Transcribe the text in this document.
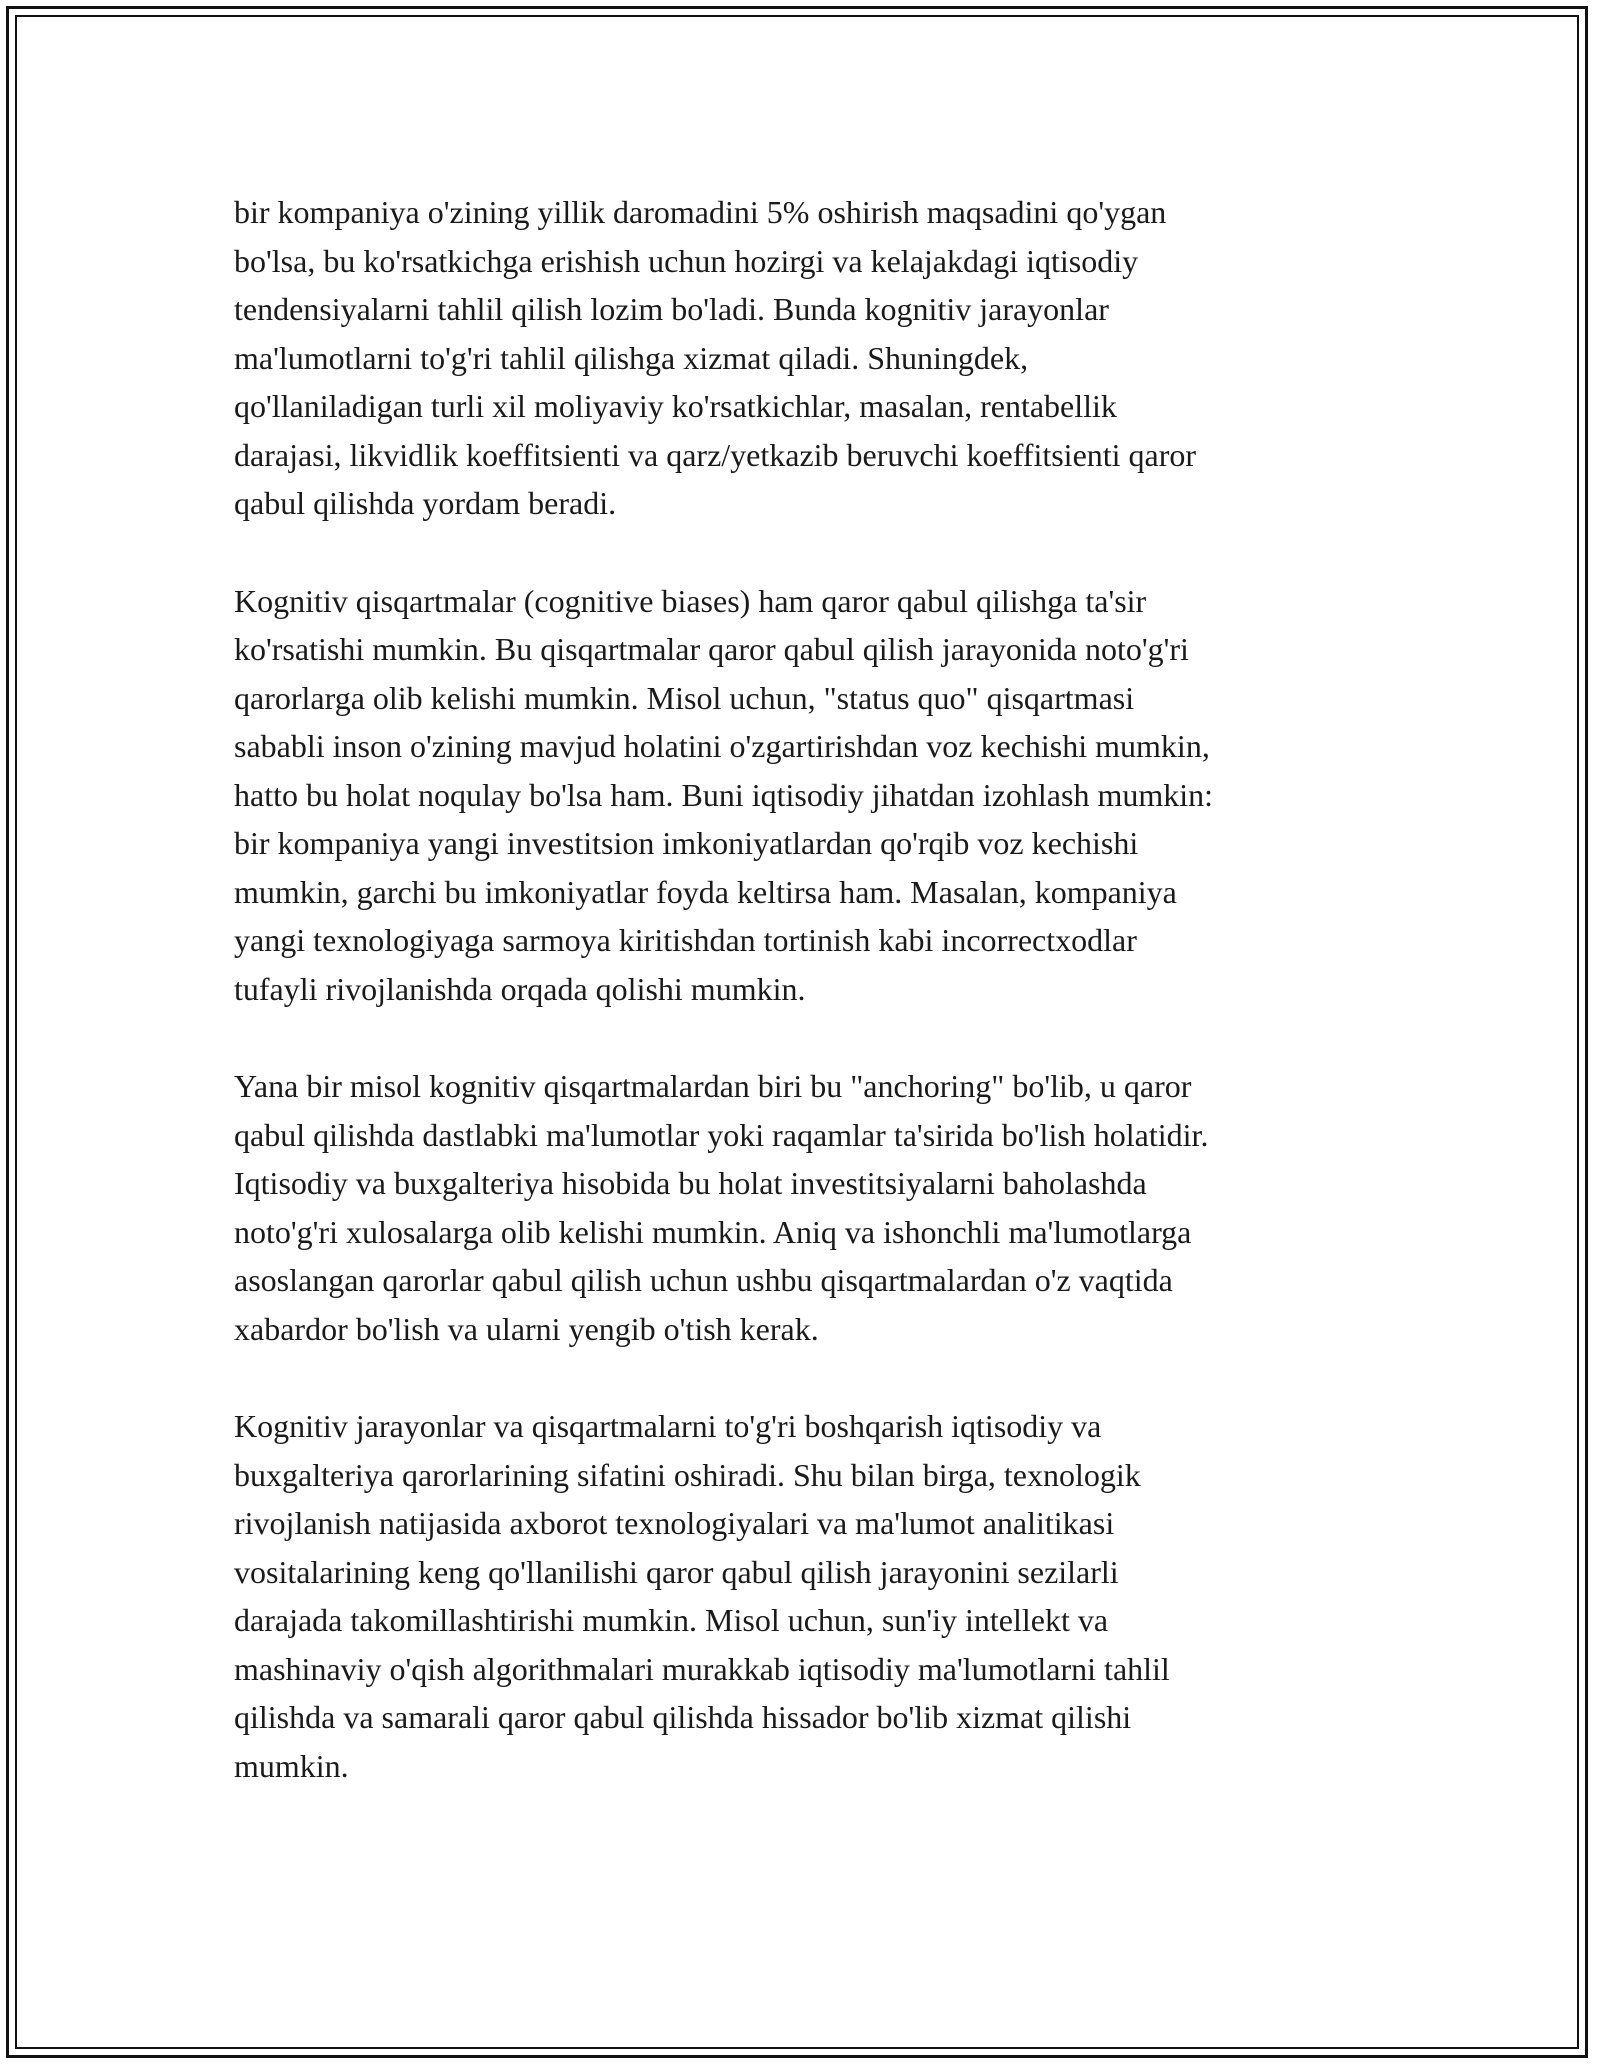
bir kompaniya o'zining yillik daromadini 5% oshirish maqsadini qo'ygan
bo'lsa, bu ko'rsatkichga erishish uchun hozirgi va kelajakdagi iqtisodiy
tendensiyalarni tahlil qilish lozim bo'ladi. Bunda kognitiv jarayonlar
ma'lumotlarni to'g'ri tahlil qilishga xizmat qiladi. Shuningdek,
qo'llaniladigan turli xil moliyaviy ko'rsatkichlar, masalan, rentabellik
darajasi, likvidlik koeffitsienti va qarz/yetkazib beruvchi koeffitsienti qaror
qabul qilishda yordam beradi.

Kognitiv qisqartmalar (cognitive biases) ham qaror qabul qilishga ta'sir
ko'rsatishi mumkin. Bu qisqartmalar qaror qabul qilish jarayonida noto'g'ri
qarorlarga olib kelishi mumkin. Misol uchun, "status quo" qisqartmasi
sababli inson o'zining mavjud holatini o'zgartirishdan voz kechishi mumkin,
hatto bu holat noqulay bo'lsa ham. Buni iqtisodiy jihatdan izohlash mumkin:
bir kompaniya yangi investitsion imkoniyatlardan qo'rqib voz kechishi
mumkin, garchi bu imkoniyatlar foyda keltirsa ham. Masalan, kompaniya
yangi texnologiyaga sarmoya kiritishdan tortinish kabi incorrectxodlar
tufayli rivojlanishda orqada qolishi mumkin.

Yana bir misol kognitiv qisqartmalardan biri bu "anchoring" bo'lib, u qaror
qabul qilishda dastlabki ma'lumotlar yoki raqamlar ta'sirida bo'lish holatidir.
Iqtisodiy va buxgalteriya hisobida bu holat investitsiyalarni baholashda
noto'g'ri xulosalarga olib kelishi mumkin. Aniq va ishonchli ma'lumotlarga
asoslangan qarorlar qabul qilish uchun ushbu qisqartmalardan o'z vaqtida
xabardor bo'lish va ularni yengib o'tish kerak.

Kognitiv jarayonlar va qisqartmalarni to'g'ri boshqarish iqtisodiy va
buxgalteriya qarorlarining sifatini oshiradi. Shu bilan birga, texnologik
rivojlanish natijasida axborot texnologiyalari va ma'lumot analitikasi
vositalarining keng qo'llanilishi qaror qabul qilish jarayonini sezilarli
darajada takomillashtirishi mumkin. Misol uchun, sun'iy intellekt va
mashinaviy o'qish algorithmalari murakkab iqtisodiy ma'lumotlarni tahlil
qilishda va samarali qaror qabul qilishda hissador bo'lib xizmat qilishi
mumkin.
